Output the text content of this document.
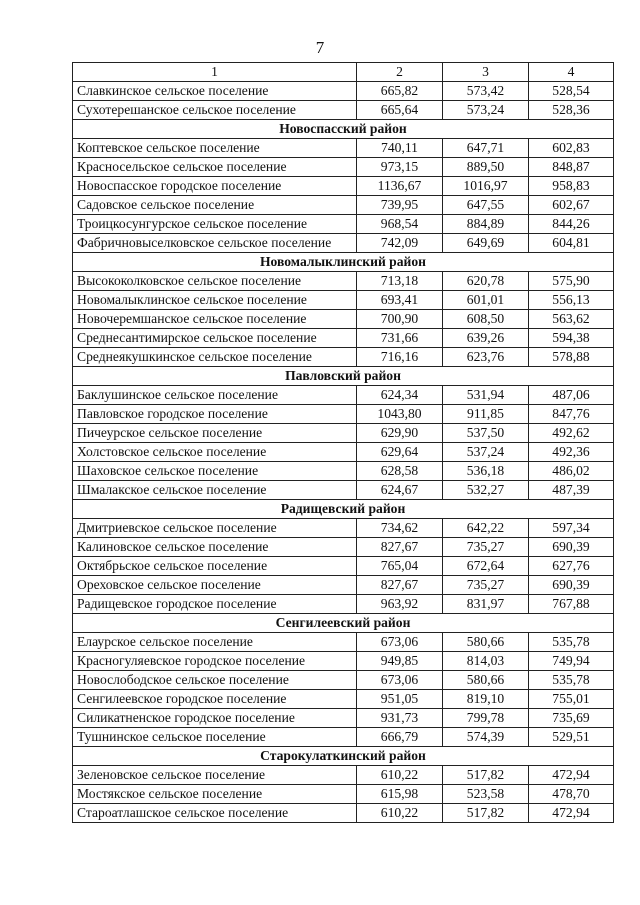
7
1	2	3	4
Славкинское сельское поселение	665,82	573,42	528,54
Сухотерешанское сельское поселение	665,64	573,24	528,36
Новоспасский район			
Коптевское сельское поселение	740,11	647,71	602,83
Красносельское сельское поселение	973,15	889,50	848,87
Новоспасское городское поселение	1136,67	1016,97	958,83
Садовское сельское поселение	739,95	647,55	602,67
Троицкосунгурское сельское поселение	968,54	884,89	844,26
Фабричновыселковское сельское поселение	742,09	649,69	604,81
Новомалыклинский район			
Высококолковское сельское поселение	713,18	620,78	575,90
Новомалыклинское сельское поселение	693,41	601,01	556,13
Новочеремшанское сельское поселение	700,90	608,50	563,62
Среднесантимирское сельское поселение	731,66	639,26	594,38
Среднеякушкинское сельское поселение	716,16	623,76	578,88
Павловский район			
Баклушинское сельское поселение	624,34	531,94	487,06
Павловское городское поселение	1043,80	911,85	847,76
Пичеурское сельское поселение	629,90	537,50	492,62
Холстовское сельское поселение	629,64	537,24	492,36
Шаховское сельское поселение	628,58	536,18	486,02
Шмалакское сельское поселение	624,67	532,27	487,39
Радищевский район			
Дмитриевское сельское поселение	734,62	642,22	597,34
Калиновское сельское поселение	827,67	735,27	690,39
Октябрьское сельское поселение	765,04	672,64	627,76
Ореховское сельское поселение	827,67	735,27	690,39
Радищевское городское поселение	963,92	831,97	767,88
Сенгилеевский район			
Елаурское сельское поселение	673,06	580,66	535,78
Красногуляевское городское поселение	949,85	814,03	749,94
Новослободское сельское поселение	673,06	580,66	535,78
Сенгилеевское городское поселение	951,05	819,10	755,01
Силикатненское городское поселение	931,73	799,78	735,69
Тушнинское сельское поселение	666,79	574,39	529,51
Старокулаткинский район			
Зеленовское сельское поселение	610,22	517,82	472,94
Мостякское сельское поселение	615,98	523,58	478,70
Староатлашское сельское поселение	610,22	517,82	472,94
